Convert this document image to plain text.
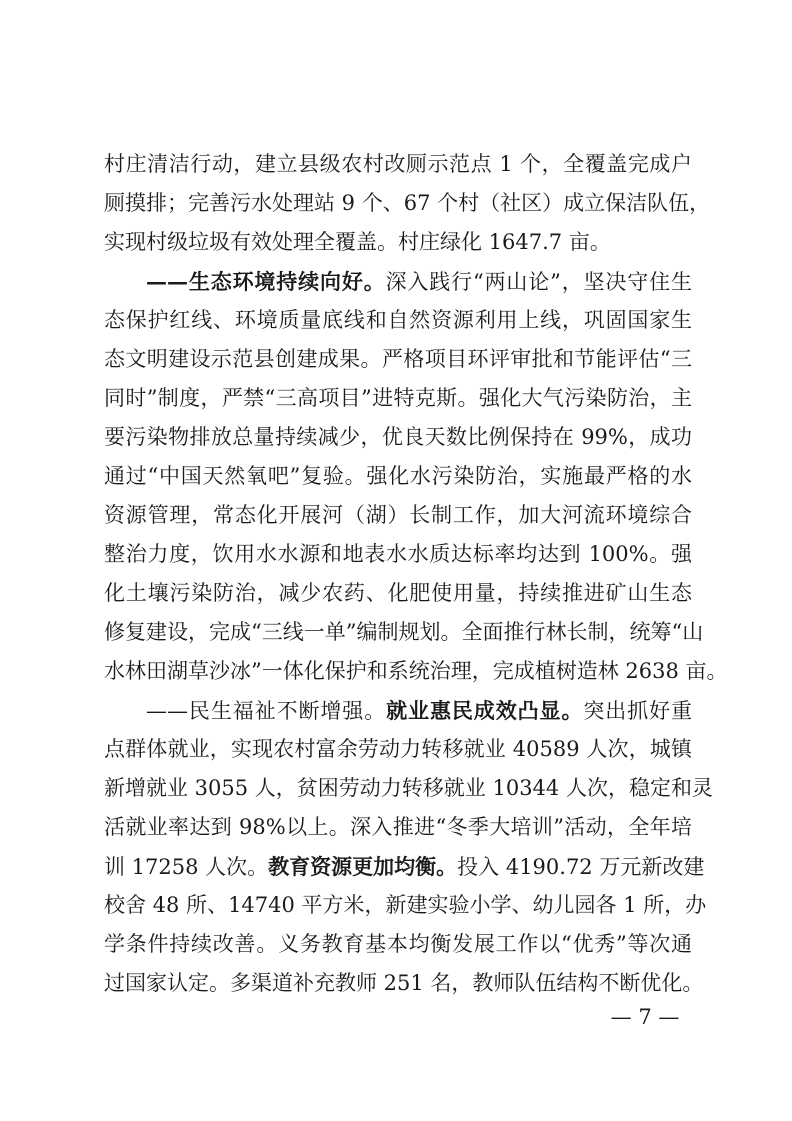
村庄清洁行动，建立县级农村改厕示范点 1 个，全覆盖完成户
厕摸排；完善污水处理站 9 个、67 个村（社区）成立保洁队伍，
实现村级垃圾有效处理全覆盖。村庄绿化 1647.7 亩。
——生态环境持续向好。深入践行“两山论”，坚决守住生
态保护红线、环境质量底线和自然资源利用上线，巩固国家生
态文明建设示范县创建成果。严格项目环评审批和节能评估“三
同时”制度，严禁“三高项目”进特克斯。强化大气污染防治，主
要污染物排放总量持续减少，优良天数比例保持在 99%，成功
通过“中国天然氧吧”复验。强化水污染防治，实施最严格的水
资源管理，常态化开展河（湖）长制工作，加大河流环境综合
整治力度，饮用水水源和地表水水质达标率均达到 100%。强
化土壤污染防治，减少农药、化肥使用量，持续推进矿山生态
修复建设，完成“三线一单”编制规划。全面推行林长制，统筹“山
水林田湖草沙冰”一体化保护和系统治理，完成植树造林 2638 亩。
——民生福祉不断增强。就业惠民成效凸显。突出抓好重
点群体就业，实现农村富余劳动力转移就业 40589 人次，城镇
新增就业 3055 人，贫困劳动力转移就业 10344 人次，稳定和灵
活就业率达到 98%以上。深入推进“冬季大培训”活动，全年培
训 17258 人次。教育资源更加均衡。投入 4190.72 万元新改建
校舍 48 所、14740 平方米，新建实验小学、幼儿园各 1 所，办
学条件持续改善。义务教育基本均衡发展工作以“优秀”等次通
过国家认定。多渠道补充教师 251 名，教师队伍结构不断优化。
— 7 —
